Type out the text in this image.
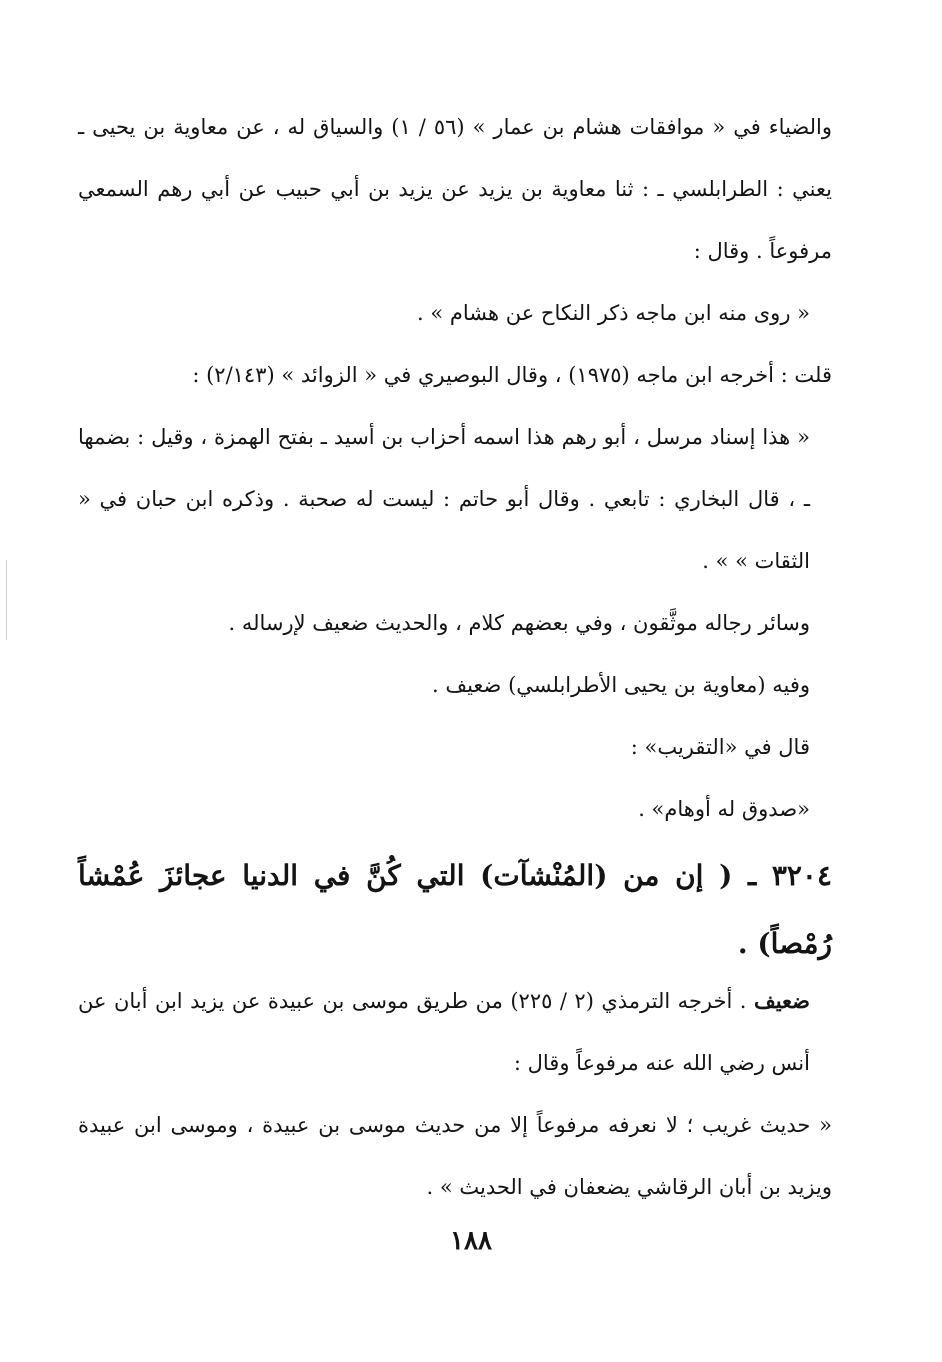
والضياء في « موافقات هشام بن عمار » (٥٦ / ١) والسياق له ، عن معاوية بن يحيى ـ يعني : الطرابلسي ـ : ثنا معاوية بن يزيد عن يزيد بن أبي حبيب عن أبي رهم السمعي مرفوعاً . وقال :

« روى منه ابن ماجه ذكر النكاح عن هشام » .

قلت : أخرجه ابن ماجه (١٩٧٥) ، وقال البوصيري في « الزوائد » (٢/١٤٣) :

« هذا إسناد مرسل ، أبو رهم هذا اسمه أحزاب بن أسيد ـ بفتح الهمزة ، وقيل : بضمها ـ ، قال البخاري : تابعي . وقال أبو حاتم : ليست له صحبة . وذكره ابن حبان في « الثقات » » .

وسائر رجاله موثَّقون ، وفي بعضهم كلام ، والحديث ضعيف لإرساله .

وفيه (معاوية بن يحيى الأطرابلسي) ضعيف .

قال في «التقريب» :

«صدوق له أوهام» .

٣٢٠٤ ـ ( إن من (المُنْشآت) التي كُنَّ في الدنيا عجائزَ عُمْشاً رُمْصاً) .

ضعيف . أخرجه الترمذي (٢ / ٢٢٥) من طريق موسى بن عبيدة عن يزيد ابن أبان عن أنس رضي الله عنه مرفوعاً وقال :

« حديث غريب ؛ لا نعرفه مرفوعاً إلا من حديث موسى بن عبيدة ، وموسى ابن عبيدة ويزيد بن أبان الرقاشي يضعفان في الحديث » .

١٨٨
